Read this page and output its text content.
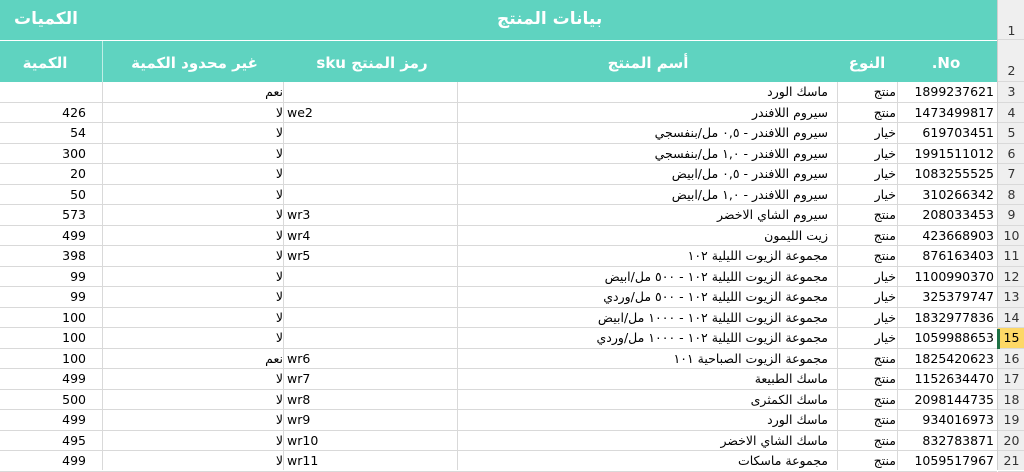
بيانات المنتج
الكميات
No.
النوع
أسم المنتج
رمز المنتج sku
غير محدود الكمية
الكمية
1899237621
منتج
ماسك الورد
نعم
1473499817
منتج
سيروم اللافندر
we2
لا
426
619703451
خيار
سيروم اللافندر - ٠,٥ مل/بنفسجي
لا
54
1991511012
خيار
سيروم اللافندر - ١,٠ مل/بنفسجي
لا
300
1083255525
خيار
سيروم اللافندر - ٠,٥ مل/ابيض
لا
20
310266342
خيار
سيروم اللافندر - ١,٠ مل/ابيض
لا
50
208033453
منتج
سيروم الشاي الاخضر
wr3
لا
573
423668903
منتج
زيت الليمون
wr4
لا
499
876163403
منتج
مجموعة الزيوت الليلية ١٠٢
wr5
لا
398
1100990370
خيار
مجموعة الزيوت الليلية ١٠٢ - ٥٠٠ مل/ابيض
لا
99
325379747
خيار
مجموعة الزيوت الليلية ١٠٢ - ٥٠٠ مل/وردي
لا
99
1832977836
خيار
مجموعة الزيوت الليلية ١٠٢ - ١٠٠٠ مل/ابيض
لا
100
1059988653
خيار
مجموعة الزيوت الليلية ١٠٢ - ١٠٠٠ مل/وردي
لا
100
1825420623
منتج
مجموعة الزيوت الصباحية ١٠١
wr6
نعم
100
1152634470
منتج
ماسك الطبيعة
wr7
لا
499
2098144735
منتج
ماسك الكمثرى
wr8
لا
500
934016973
منتج
ماسك الورد
wr9
لا
499
832783871
منتج
ماسك الشاي الاخضر
wr10
لا
495
1059517967
منتج
مجموعة ماسكات
wr11
لا
499
1
2
3
4
5
6
7
8
9
10
11
12
13
14
15
16
17
18
19
20
21
